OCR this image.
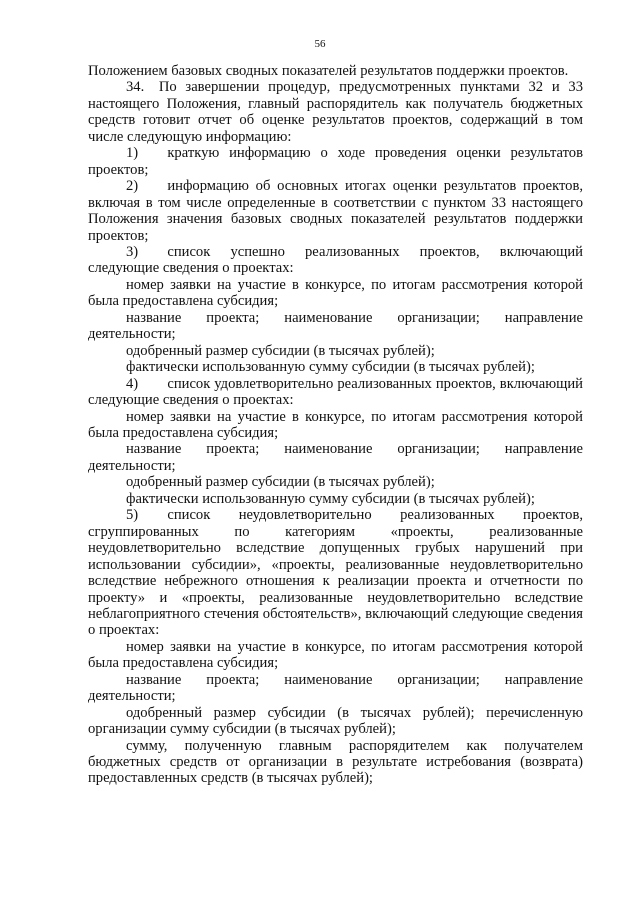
56

Положением базовых сводных показателей результатов поддержки проектов.

34. По завершении процедур, предусмотренных пунктами 32 и 33 настоящего Положения, главный распорядитель как получатель бюджетных средств готовит отчет об оценке результатов проектов, содержащий в том числе следующую информацию:

1)  краткую информацию о ходе проведения оценки результатов проектов;

2)  информацию об основных итогах оценки результатов проектов, включая в том числе определенные в соответствии с пунктом 33 настоящего Положения значения базовых сводных показателей результатов поддержки проектов;

3)  список успешно реализованных проектов, включающий следующие сведения о проектах:

номер заявки на участие в конкурсе, по итогам рассмотрения которой была предоставлена субсидия;

название проекта; наименование организации; направление деятельности;

одобренный размер субсидии (в тысячах рублей);

фактически использованную сумму субсидии (в тысячах рублей);

4)  список удовлетворительно реализованных проектов, включающий следующие сведения о проектах:

номер заявки на участие в конкурсе, по итогам рассмотрения которой была предоставлена субсидия;

название проекта; наименование организации; направление деятельности;

одобренный размер субсидии (в тысячах рублей);

фактически использованную сумму субсидии (в тысячах рублей);

5)  список неудовлетворительно реализованных проектов, сгруппированных по категориям «проекты, реализованные неудовлетворительно вследствие допущенных грубых нарушений при использовании субсидии», «проекты, реализованные неудовлетворительно вследствие небрежного отношения к реализации проекта и отчетности по проекту» и «проекты, реализованные неудовлетворительно вследствие неблагоприятного стечения обстоятельств», включающий следующие сведения о проектах:

номер заявки на участие в конкурсе, по итогам рассмотрения которой была предоставлена субсидия;

название проекта; наименование организации; направление деятельности;

одобренный размер субсидии (в тысячах рублей); перечисленную организации сумму субсидии (в тысячах рублей);

сумму, полученную главным распорядителем как получателем бюджетных средств от организации в результате истребования (возврата) предоставленных средств (в тысячах рублей);
